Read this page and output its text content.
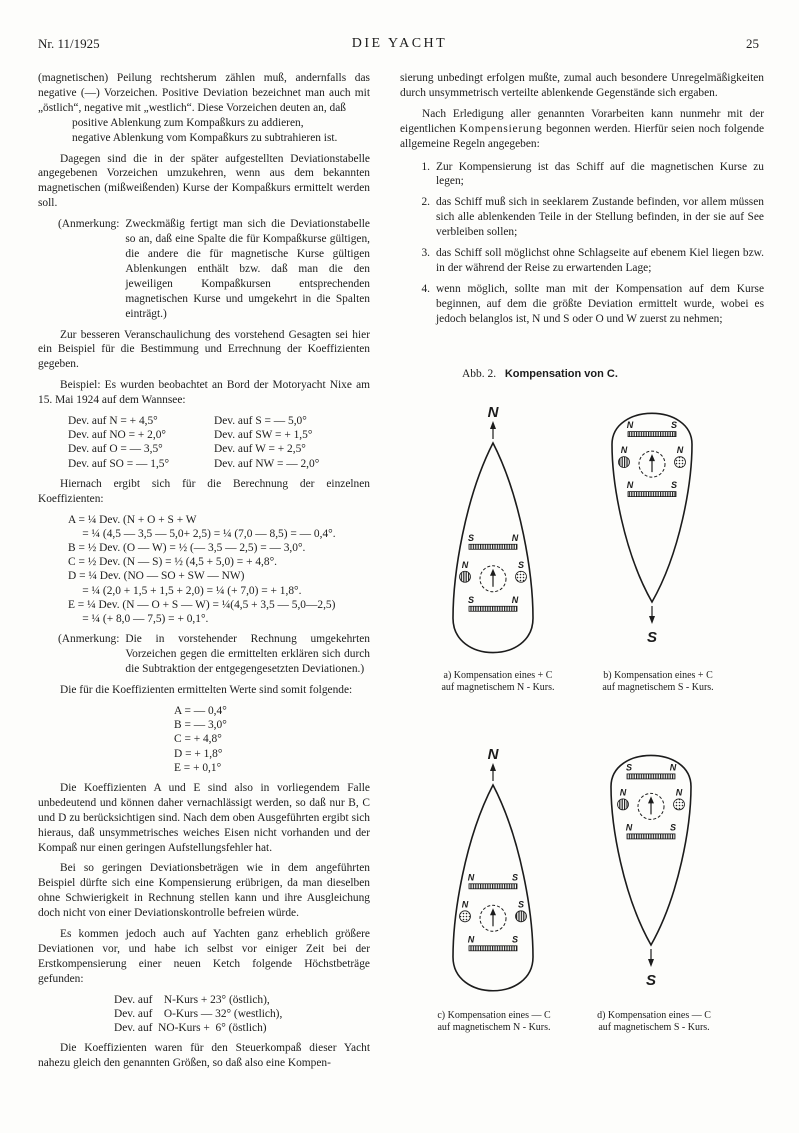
Nr. 11/1925	DIE YACHT	25

(magnetischen) Peilung rechtsherum zählen muß, andernfalls das negative (—) Vorzeichen. Positive Deviation bezeichnet man auch mit „östlich“, negative mit „westlich“. Diese Vorzeichen deuten an, daß

positive Ablenkung zum Kompaßkurs zu addieren,

negative Ablenkung vom Kompaßkurs zu subtrahieren ist.

Dagegen sind die in der später aufgestellten Deviationstabelle angegebenen Vorzeichen umzukehren, wenn aus dem bekannten magnetischen (mißweißenden) Kurse der Kompaßkurs ermittelt werden soll.

(Anmerkung: Zweckmäßig fertigt man sich die Deviationstabelle so an, daß eine Spalte die für Kompaßkurse gültigen, die andere die für magnetische Kurse gültigen Ablenkungen enthält bzw. daß man die den jeweiligen Kompaßkursen entsprechenden magnetischen Kurse und umgekehrt in die Spalten einträgt.)

Zur besseren Veranschaulichung des vorstehend Gesagten sei hier ein Beispiel für die Bestimmung und Errechnung der Koeffizienten gegeben.

Beispiel: Es wurden beobachtet an Bord der Motoryacht Nixe am 15. Mai 1924 auf dem Wannsee:

Dev. auf N = + 4,5°	Dev. auf S = — 5,0°
Dev. auf NO = + 2,0°	Dev. auf SW = + 1,5°
Dev. auf O = — 3,5°	Dev. auf W = + 2,5°
Dev. auf SO = — 1,5°	Dev. auf NW = — 2,0°

Hiernach ergibt sich für die Berechnung der einzelnen Koeffizienten:

A = ¼ Dev. (N + O + S + W
= ¼ (4,5 — 3,5 — 5,0+ 2,5) = ¼ (7,0 — 8,5) = — 0,4°.
B = ½ Dev. (O — W) = ½ (— 3,5 — 2,5) = — 3,0°.
C = ½ Dev. (N — S) = ½ (4,5 + 5,0) = + 4,8°.
D = ¼ Dev. (NO — SO + SW — NW)
= ¼ (2,0 + 1,5 + 1,5 + 2,0) = ¼ (+ 7,0) = + 1,8°.
E = ¼ Dev. (N — O + S — W) = ¼(4,5 + 3,5 — 5,0—2,5)
= ¼ (+ 8,0 — 7,5) = + 0,1°.
(Anmerkung: Die in vorstehender Rechnung umgekehrten Vorzeichen gegen die ermittelten erklären sich durch die Subtraktion der entgegengesetzten Deviationen.)

Die für die Koeffizienten ermittelten Werte sind somit folgende:

A = — 0,4°
B = — 3,0°
C = + 4,8°
D = + 1,8°
E = + 0,1°

Die Koeffizienten A und E sind also in vorliegendem Falle unbedeutend und können daher vernachlässigt werden, so daß nur B, C und D zu berücksichtigen sind. Nach dem oben Ausgeführten ergibt sich hieraus, daß unsymmetrisches weiches Eisen nicht vorhanden und der Kompaß nur einen geringen Aufstellungsfehler hat.

Bei so geringen Deviationsbeträgen wie in dem angeführten Beispiel dürfte sich eine Kompensierung erübrigen, da man dieselben ohne Schwierigkeit in Rechnung stellen kann und ihre Ausgleichung doch nicht von einer Deviationskontrolle befreien würde.

Es kommen jedoch auch auf Yachten ganz erheblich größere Deviationen vor, und habe ich selbst vor einiger Zeit bei der Erstkompensierung einer neuen Ketch folgende Höchstbeträge gefunden:

Dev. auf    N-Kurs + 23° (östlich),
Dev. auf    O-Kurs — 32° (westlich),
Dev. auf  NO-Kurs +  6° (östlich)

Die Koeffizienten waren für den Steuerkompaß dieser Yacht nahezu gleich den genannten Größen, so daß also eine Kompen-

sierung unbedingt erfolgen mußte, zumal auch besondere Unregelmäßigkeiten durch unsymmetrisch verteilte ablenkende Gegenstände sich ergaben.

Nach Erledigung aller genannten Vorarbeiten kann nunmehr mit der eigentlichen Kompensierung begonnen werden. Hierfür seien noch folgende allgemeine Regeln angegeben:

1. Zur Kompensierung ist das Schiff auf die magnetischen Kurse zu legen;
2. das Schiff muß sich in seeklarem Zustande befinden, vor allem müssen sich alle ablenkenden Teile in der Stellung befinden, in der sie auf See verbleiben sollen;
3. das Schiff soll möglichst ohne Schlagseite auf ebenem Kiel liegen bzw. in der während der Reise zu erwartenden Lage;
4. wenn möglich, sollte man mit der Kompensation auf dem Kurse beginnen, auf dem die größte Deviation ermittelt wurde, wobei es jedoch belanglos ist, N und S oder O und W zuerst zu nehmen;
Abb. 2. Kompensation von C.
N
S	N
N	S
S	N
S
N	S
N	N
N	S
N
N	S
N	S
N	S
S
S	N
N	N
N	S
a) Kompensation eines + C
auf magnetischem N - Kurs.
b) Kompensation eines + C
auf magnetischem S - Kurs.
c) Kompensation eines — C
auf magnetischem N - Kurs.
d) Kompensation eines — C
auf magnetischem S - Kurs.
